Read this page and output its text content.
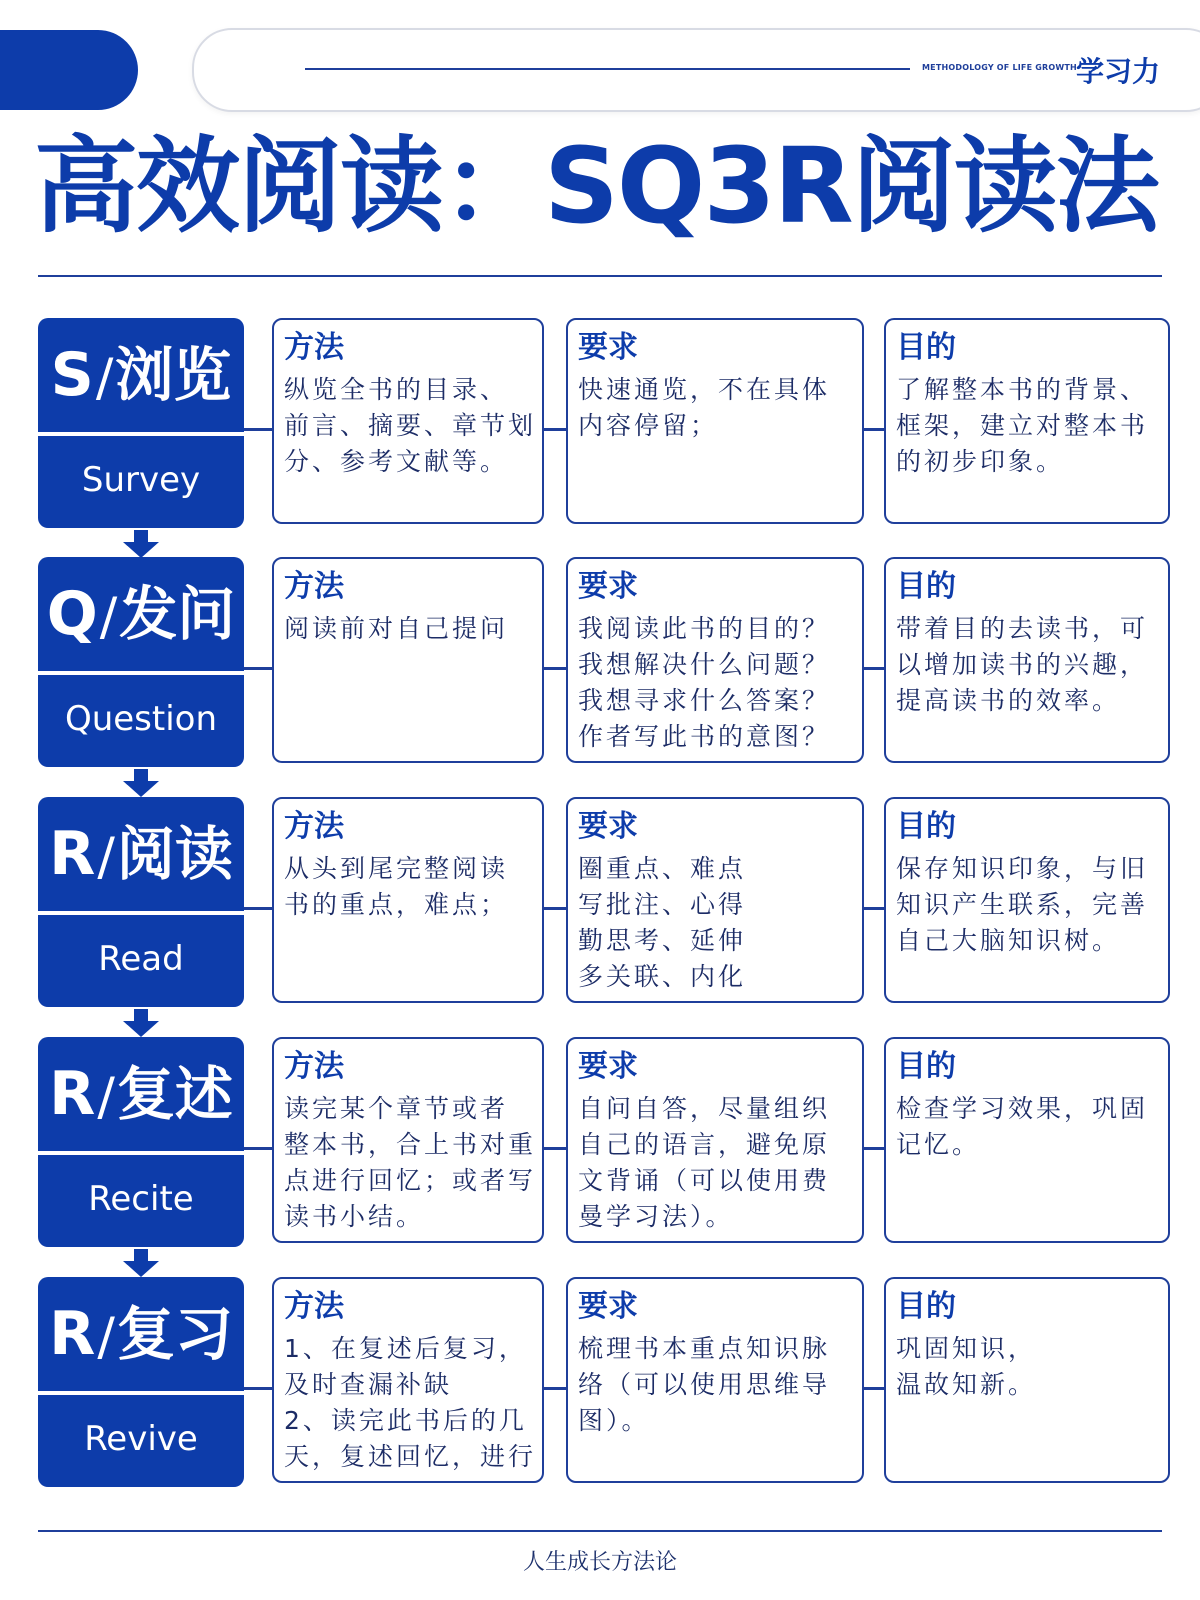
METHODOLOGY OF LIFE GROWTH 学习力
高效阅读：SQ3R阅读法
S/浏览
Survey
方法
纵览全书的目录、
前言、摘要、章节划
分、参考文献等。
要求
快速通览，不在具体
内容停留；
目的
了解整本书的背景、
框架，建立对整本书
的初步印象。
Q/发问
Question
方法
阅读前对自己提问
要求
我阅读此书的目的？
我想解决什么问题？
我想寻求什么答案？
作者写此书的意图？
目的
带着目的去读书，可
以增加读书的兴趣，
提高读书的效率。
R/阅读
Read
方法
从头到尾完整阅读
书的重点，难点；
要求
圈重点、难点
写批注、心得
勤思考、延伸
多关联、内化
目的
保存知识印象，与旧
知识产生联系，完善
自己大脑知识树。
R/复述
Recite
方法
读完某个章节或者
整本书，合上书对重
点进行回忆；或者写
读书小结。
要求
自问自答，尽量组织
自己的语言，避免原
文背诵（可以使用费
曼学习法）。
目的
检查学习效果，巩固
记忆。
R/复习
Revive
方法
1、在复述后复习，
及时查漏补缺
2、读完此书后的几
天，复述回忆，进行
要求
梳理书本重点知识脉
络（可以使用思维导
图）。
目的
巩固知识，
温故知新。
人生成长方法论
